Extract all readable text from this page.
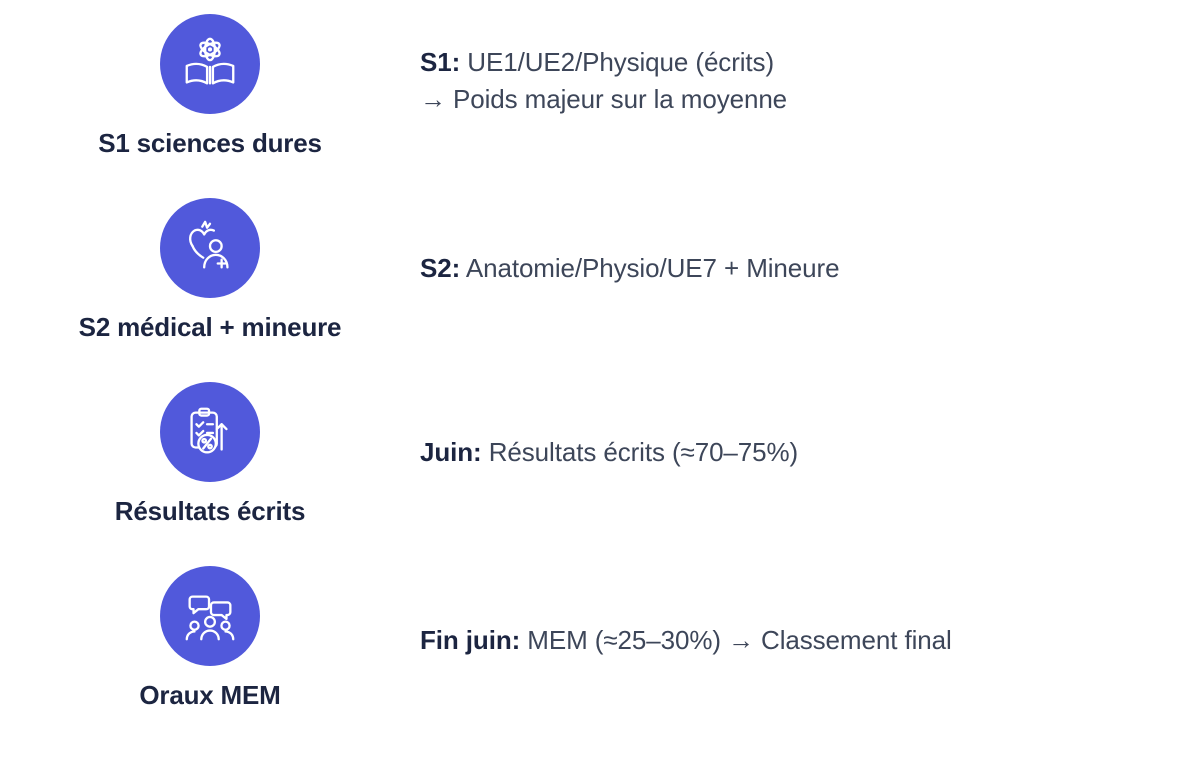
S1 sciences dures
S1: UE1/UE2/Physique (écrits)
→ Poids majeur sur la moyenne
S2 médical + mineure
S2: Anatomie/Physio/UE7 + Mineure
Résultats écrits
Juin: Résultats écrits (≈70–75%)
Oraux MEM
Fin juin: MEM (≈25–30%) → Classement final
